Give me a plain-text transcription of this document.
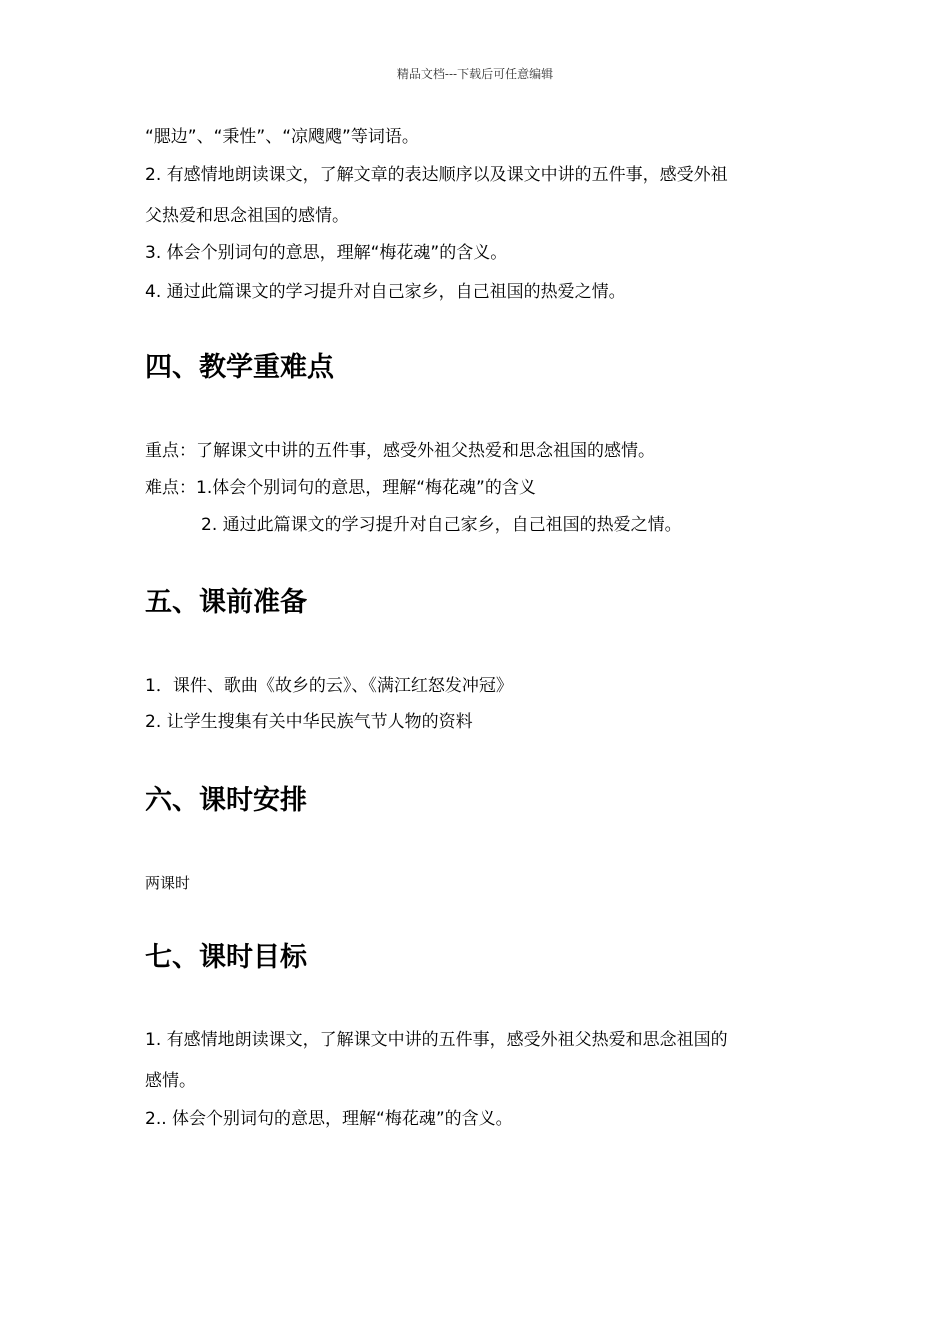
精品文档---下载后可任意编辑
“腮边”、“秉性”、“凉飕飕”等词语。
2. 有感情地朗读课文，了解文章的表达顺序以及课文中讲的五件事，感受外祖
父热爱和思念祖国的感情。
3. 体会个别词句的意思，理解“梅花魂”的含义。
4. 通过此篇课文的学习提升对自己家乡，自己祖国的热爱之情。
四、教学重难点
重点：了解课文中讲的五件事，感受外祖父热爱和思念祖国的感情。
难点：1.体会个别词句的意思，理解“梅花魂”的含义
2. 通过此篇课文的学习提升对自己家乡，自己祖国的热爱之情。
五、课前准备
1．课件、歌曲《故乡的云》、《满江红怒发冲冠》
2. 让学生搜集有关中华民族气节人物的资料
六、课时安排
两课时
七、课时目标
1. 有感情地朗读课文，了解课文中讲的五件事，感受外祖父热爱和思念祖国的
感情。
2.. 体会个别词句的意思，理解“梅花魂”的含义。
